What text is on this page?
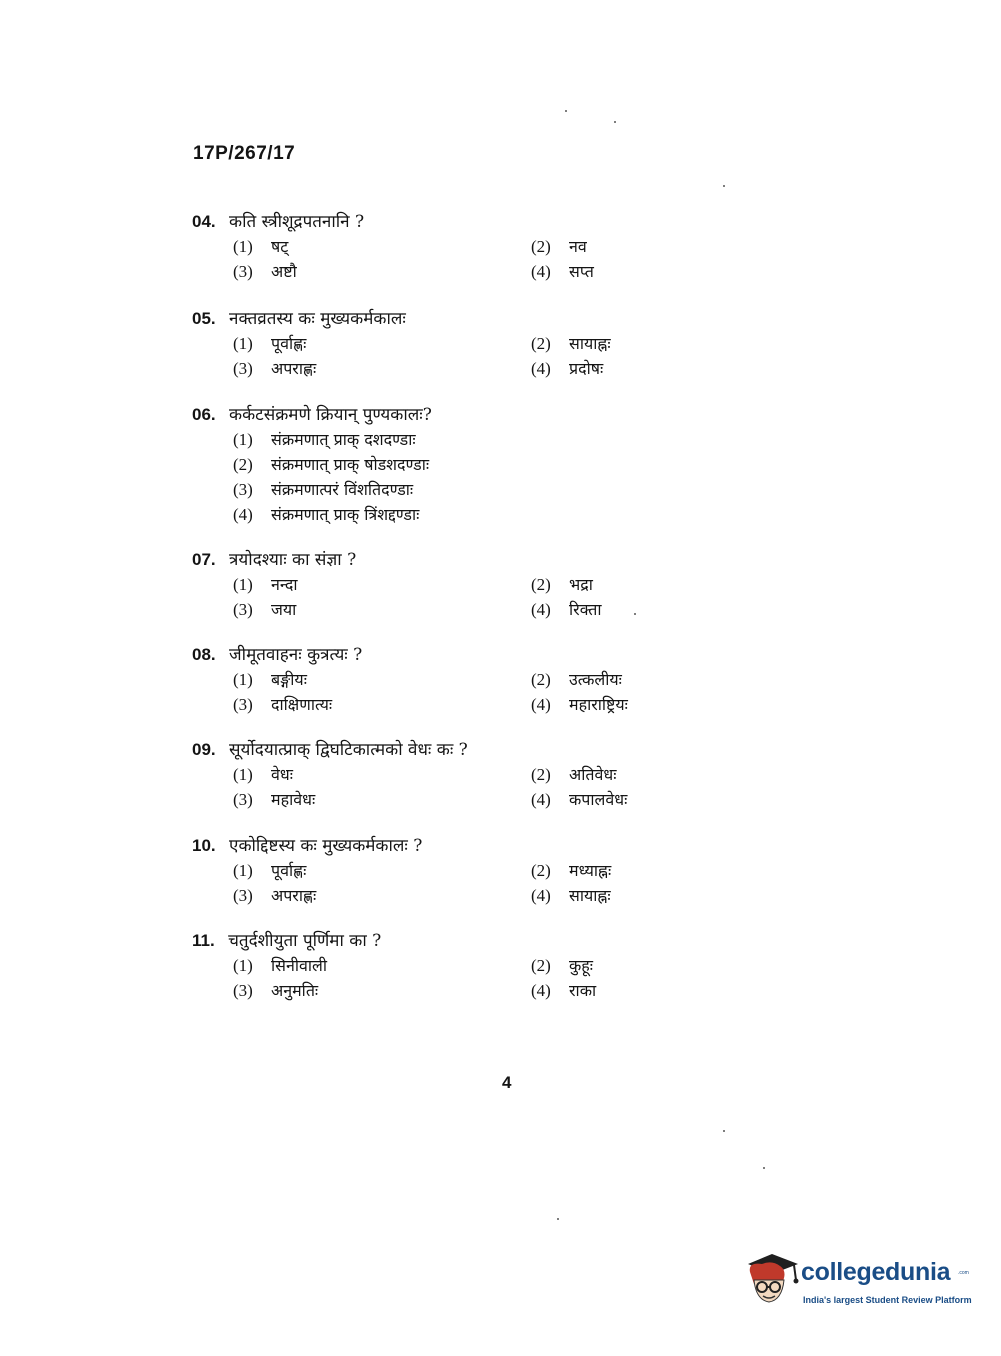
17P/267/17
04. कति स्त्रीशूद्रपतनानि ?
(1) षट्	(2) नव
(3) अष्टौ	(4) सप्त
05. नक्तव्रतस्य कः मुख्यकर्मकालः
(1) पूर्वाह्णः	(2) सायाह्नः
(3) अपराह्णः	(4) प्रदोषः
06. कर्कटसंक्रमणे क्रियान् पुण्यकालः?
(1) संक्रमणात् प्राक् दशदण्डाः
(2) संक्रमणात् प्राक् षोडशदण्डाः
(3) संक्रमणात्परं विंशतिदण्डाः
(4) संक्रमणात् प्राक् त्रिंशद्दण्डाः
07. त्रयोदश्याः का संज्ञा ?
(1) नन्दा	(2) भद्रा
(3) जया	(4) रिक्ता
08. जीमूतवाहनः कुत्रत्यः ?
(1) बङ्गीयः	(2) उत्कलीयः
(3) दाक्षिणात्यः	(4) महाराष्ट्रियः
09. सूर्योदयात्प्राक् द्विघटिकात्मको वेधः कः ?
(1) वेधः	(2) अतिवेधः
(3) महावेधः	(4) कपालवेधः
10. एकोद्दिष्टस्य कः मुख्यकर्मकालः ?
(1) पूर्वाह्णः	(2) मध्याह्नः
(3) अपराह्णः	(4) सायाह्नः
11. चतुर्दशीयुता पूर्णिमा का ?
(1) सिनीवाली	(2) कुहूः
(3) अनुमतिः	(4) राका
4
collegedunia .com
India's largest Student Review Platform
